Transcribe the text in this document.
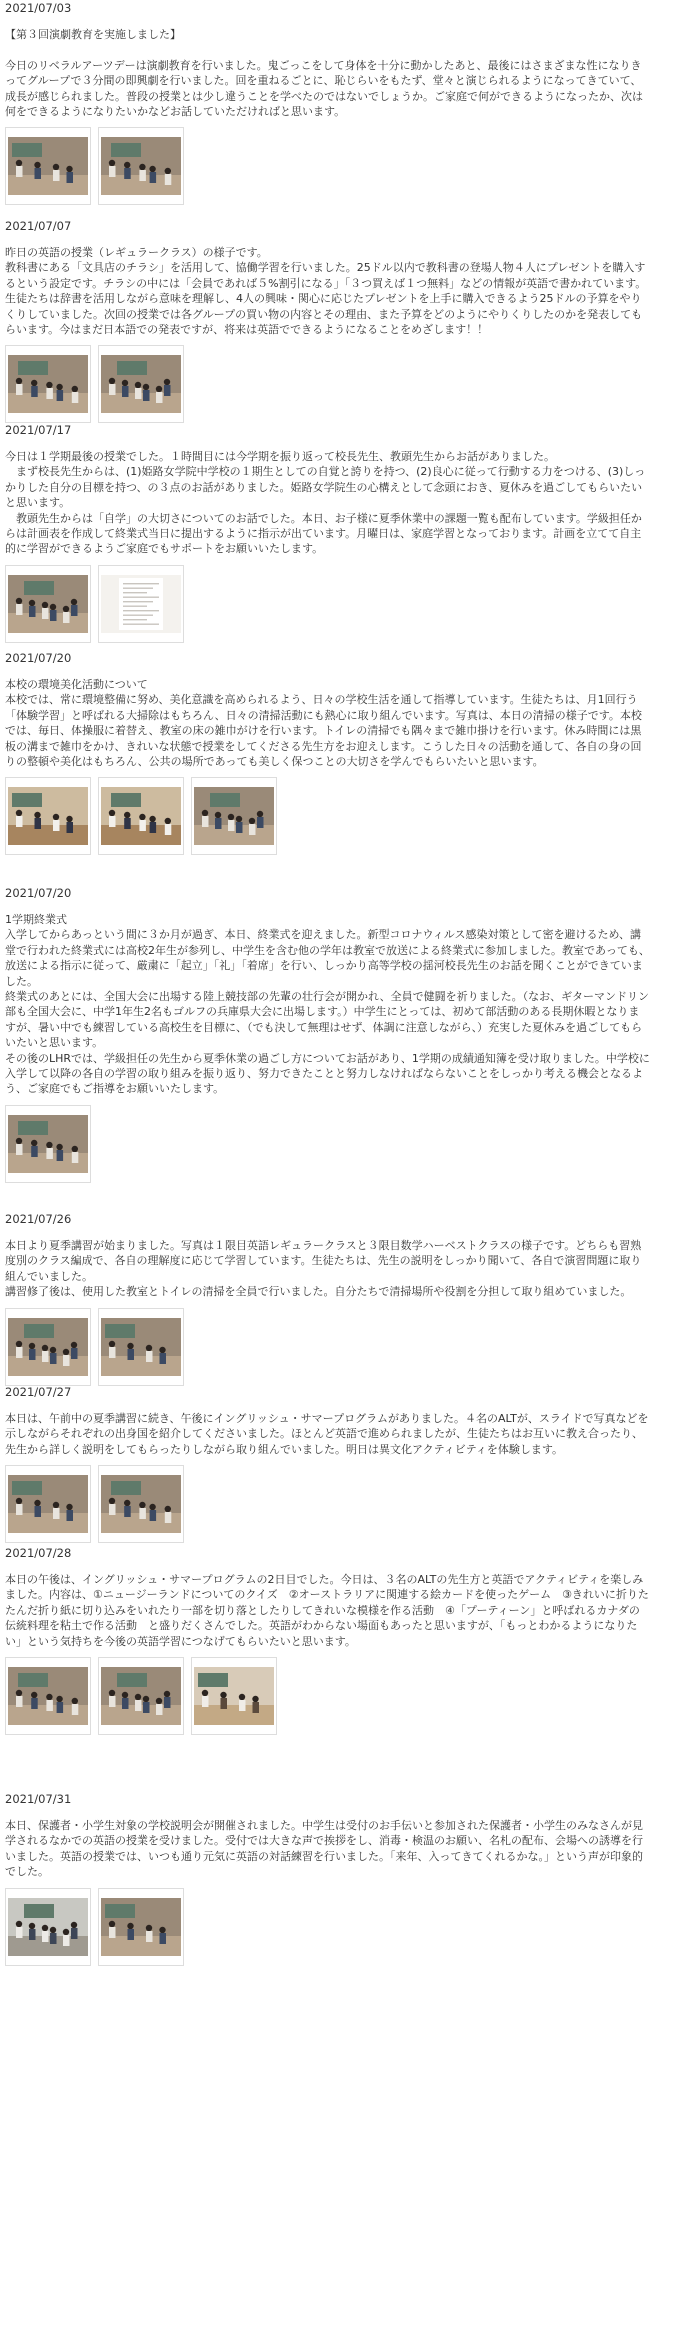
2021/07/03

【第３回演劇教育を実施しました】

今日のリベラルアーツデーは演劇教育を行いました。鬼ごっこをして身体を十分に動かしたあと、最後にはさまざまな性になりきってグループで３分間の即興劇を行いました。回を重ねるごとに、恥じらいをもたず、堂々と演じられるようになってきていて、成長が感じられました。普段の授業とは少し違うことを学べたのではないでしょうか。ご家庭で何ができるようになったか、次は何をできるようになりたいかなどお話していただければと思います。

2021/07/07

昨日の英語の授業（レギュラークラス）の様子です。
教科書にある「文具店のチラシ」を活用して、協働学習を行いました。25ドル以内で教科書の登場人物４人にプレゼントを購入するという設定です。チラシの中には「会員であれば５%割引になる」「３つ買えば１つ無料」などの情報が英語で書かれています。生徒たちは辞書を活用しながら意味を理解し、4人の興味・関心に応じたプレゼントを上手に購入できるよう25ドルの予算をやりくりしていました。次回の授業では各グループの買い物の内容とその理由、また予算をどのようにやりくりしたのかを発表してもらいます。今はまだ日本語での発表ですが、将来は英語でできるようになることをめざします！！

2021/07/17

今日は１学期最後の授業でした。１時間目には今学期を振り返って校長先生、教頭先生からお話がありました。
　まず校長先生からは、(1)姫路女学院中学校の１期生としての自覚と誇りを持つ、(2)良心に従って行動する力をつける、(3)しっかりした自分の目標を持つ、の３点のお話がありました。姫路女学院生の心構えとして念頭におき、夏休みを過ごしてもらいたいと思います。
　教頭先生からは「自学」の大切さについてのお話でした。本日、お子様に夏季休業中の課題一覧も配布しています。学級担任からは計画表を作成して終業式当日に提出するように指示が出ています。月曜日は、家庭学習となっております。計画を立てて自主的に学習ができるようご家庭でもサポートをお願いいたします。

2021/07/20

本校の環境美化活動について
本校では、常に環境整備に努め、美化意識を高められるよう、日々の学校生活を通して指導しています。生徒たちは、月1回行う「体験学習」と呼ばれる大掃除はもちろん、日々の清掃活動にも熱心に取り組んでいます。写真は、本日の清掃の様子です。本校では、毎日、体操服に着替え、教室の床の雑巾がけを行います。トイレの清掃でも隅々まで雑巾掛けを行います。休み時間には黒板の溝まで雑巾をかけ、きれいな状態で授業をしてくださる先生方をお迎えします。こうした日々の活動を通して、各自の身の回りの整頓や美化はもちろん、公共の場所であっても美しく保つことの大切さを学んでもらいたいと思います。

2021/07/20

1学期終業式
入学してからあっという間に３か月が過ぎ、本日、終業式を迎えました。新型コロナウィルス感染対策として密を避けるため、講堂で行われた終業式には高校2年生が参列し、中学生を含む他の学年は教室で放送による終業式に参加しました。教室であっても、放送による指示に従って、厳粛に「起立」「礼」「着席」を行い、しっかり高等学校の揺河校長先生のお話を聞くことができていました。
終業式のあとには、全国大会に出場する陸上競技部の先輩の壮行会が開かれ、全員で健闘を祈りました。（なお、ギターマンドリン部も全国大会に、中学1年生2名もゴルフの兵庫県大会に出場します。）中学生にとっては、初めて部活動のある長期休暇となりますが、暑い中でも練習している高校生を目標に、（でも決して無理はせず、体調に注意しながら、）充実した夏休みを過ごしてもらいたいと思います。
その後のLHRでは、学級担任の先生から夏季休業の過ごし方についてお話があり、1学期の成績通知簿を受け取りました。中学校に入学して以降の各自の学習の取り組みを振り返り、努力できたことと努力しなければならないことをしっかり考える機会となるよう、ご家庭でもご指導をお願いいたします。

2021/07/26

本日より夏季講習が始まりました。写真は１限目英語レギュラークラスと３限目数学ハーベストクラスの様子です。どちらも習熟度別のクラス編成で、各自の理解度に応じて学習しています。生徒たちは、先生の説明をしっかり聞いて、各自で演習問題に取り組んでいました。
講習修了後は、使用した教室とトイレの清掃を全員で行いました。自分たちで清掃場所や役割を分担して取り組めていました。

2021/07/27

本日は、午前中の夏季講習に続き、午後にイングリッシュ・サマープログラムがありました。４名のALTが、スライドで写真などを示しながらそれぞれの出身国を紹介してくださいました。ほとんど英語で進められましたが、生徒たちはお互いに教え合ったり、先生から詳しく説明をしてもらったりしながら取り組んでいました。明日は異文化アクティビティを体験します。

2021/07/28

本日の午後は、イングリッシュ・サマープログラムの2日目でした。今日は、３名のALTの先生方と英語でアクティビティを楽しみました。内容は、①ニュージーランドについてのクイズ　②オーストラリアに関連する絵カードを使ったゲーム　③きれいに折りたたんだ折り紙に切り込みをいれたり一部を切り落としたりしてきれいな模様を作る活動　④「プーティーン」と呼ばれるカナダの伝統料理を粘土で作る活動　と盛りだくさんでした。英語がわからない場面もあったと思いますが、「もっとわかるようになりたい」という気持ちを今後の英語学習につなげてもらいたいと思います。

2021/07/31

本日、保護者・小学生対象の学校説明会が開催されました。中学生は受付のお手伝いと参加された保護者・小学生のみなさんが見学されるなかでの英語の授業を受けました。受付では大きな声で挨拶をし、消毒・検温のお願い、名札の配布、会場への誘導を行いました。英語の授業では、いつも通り元気に英語の対話練習を行いました。「来年、入ってきてくれるかな。」という声が印象的でした。
